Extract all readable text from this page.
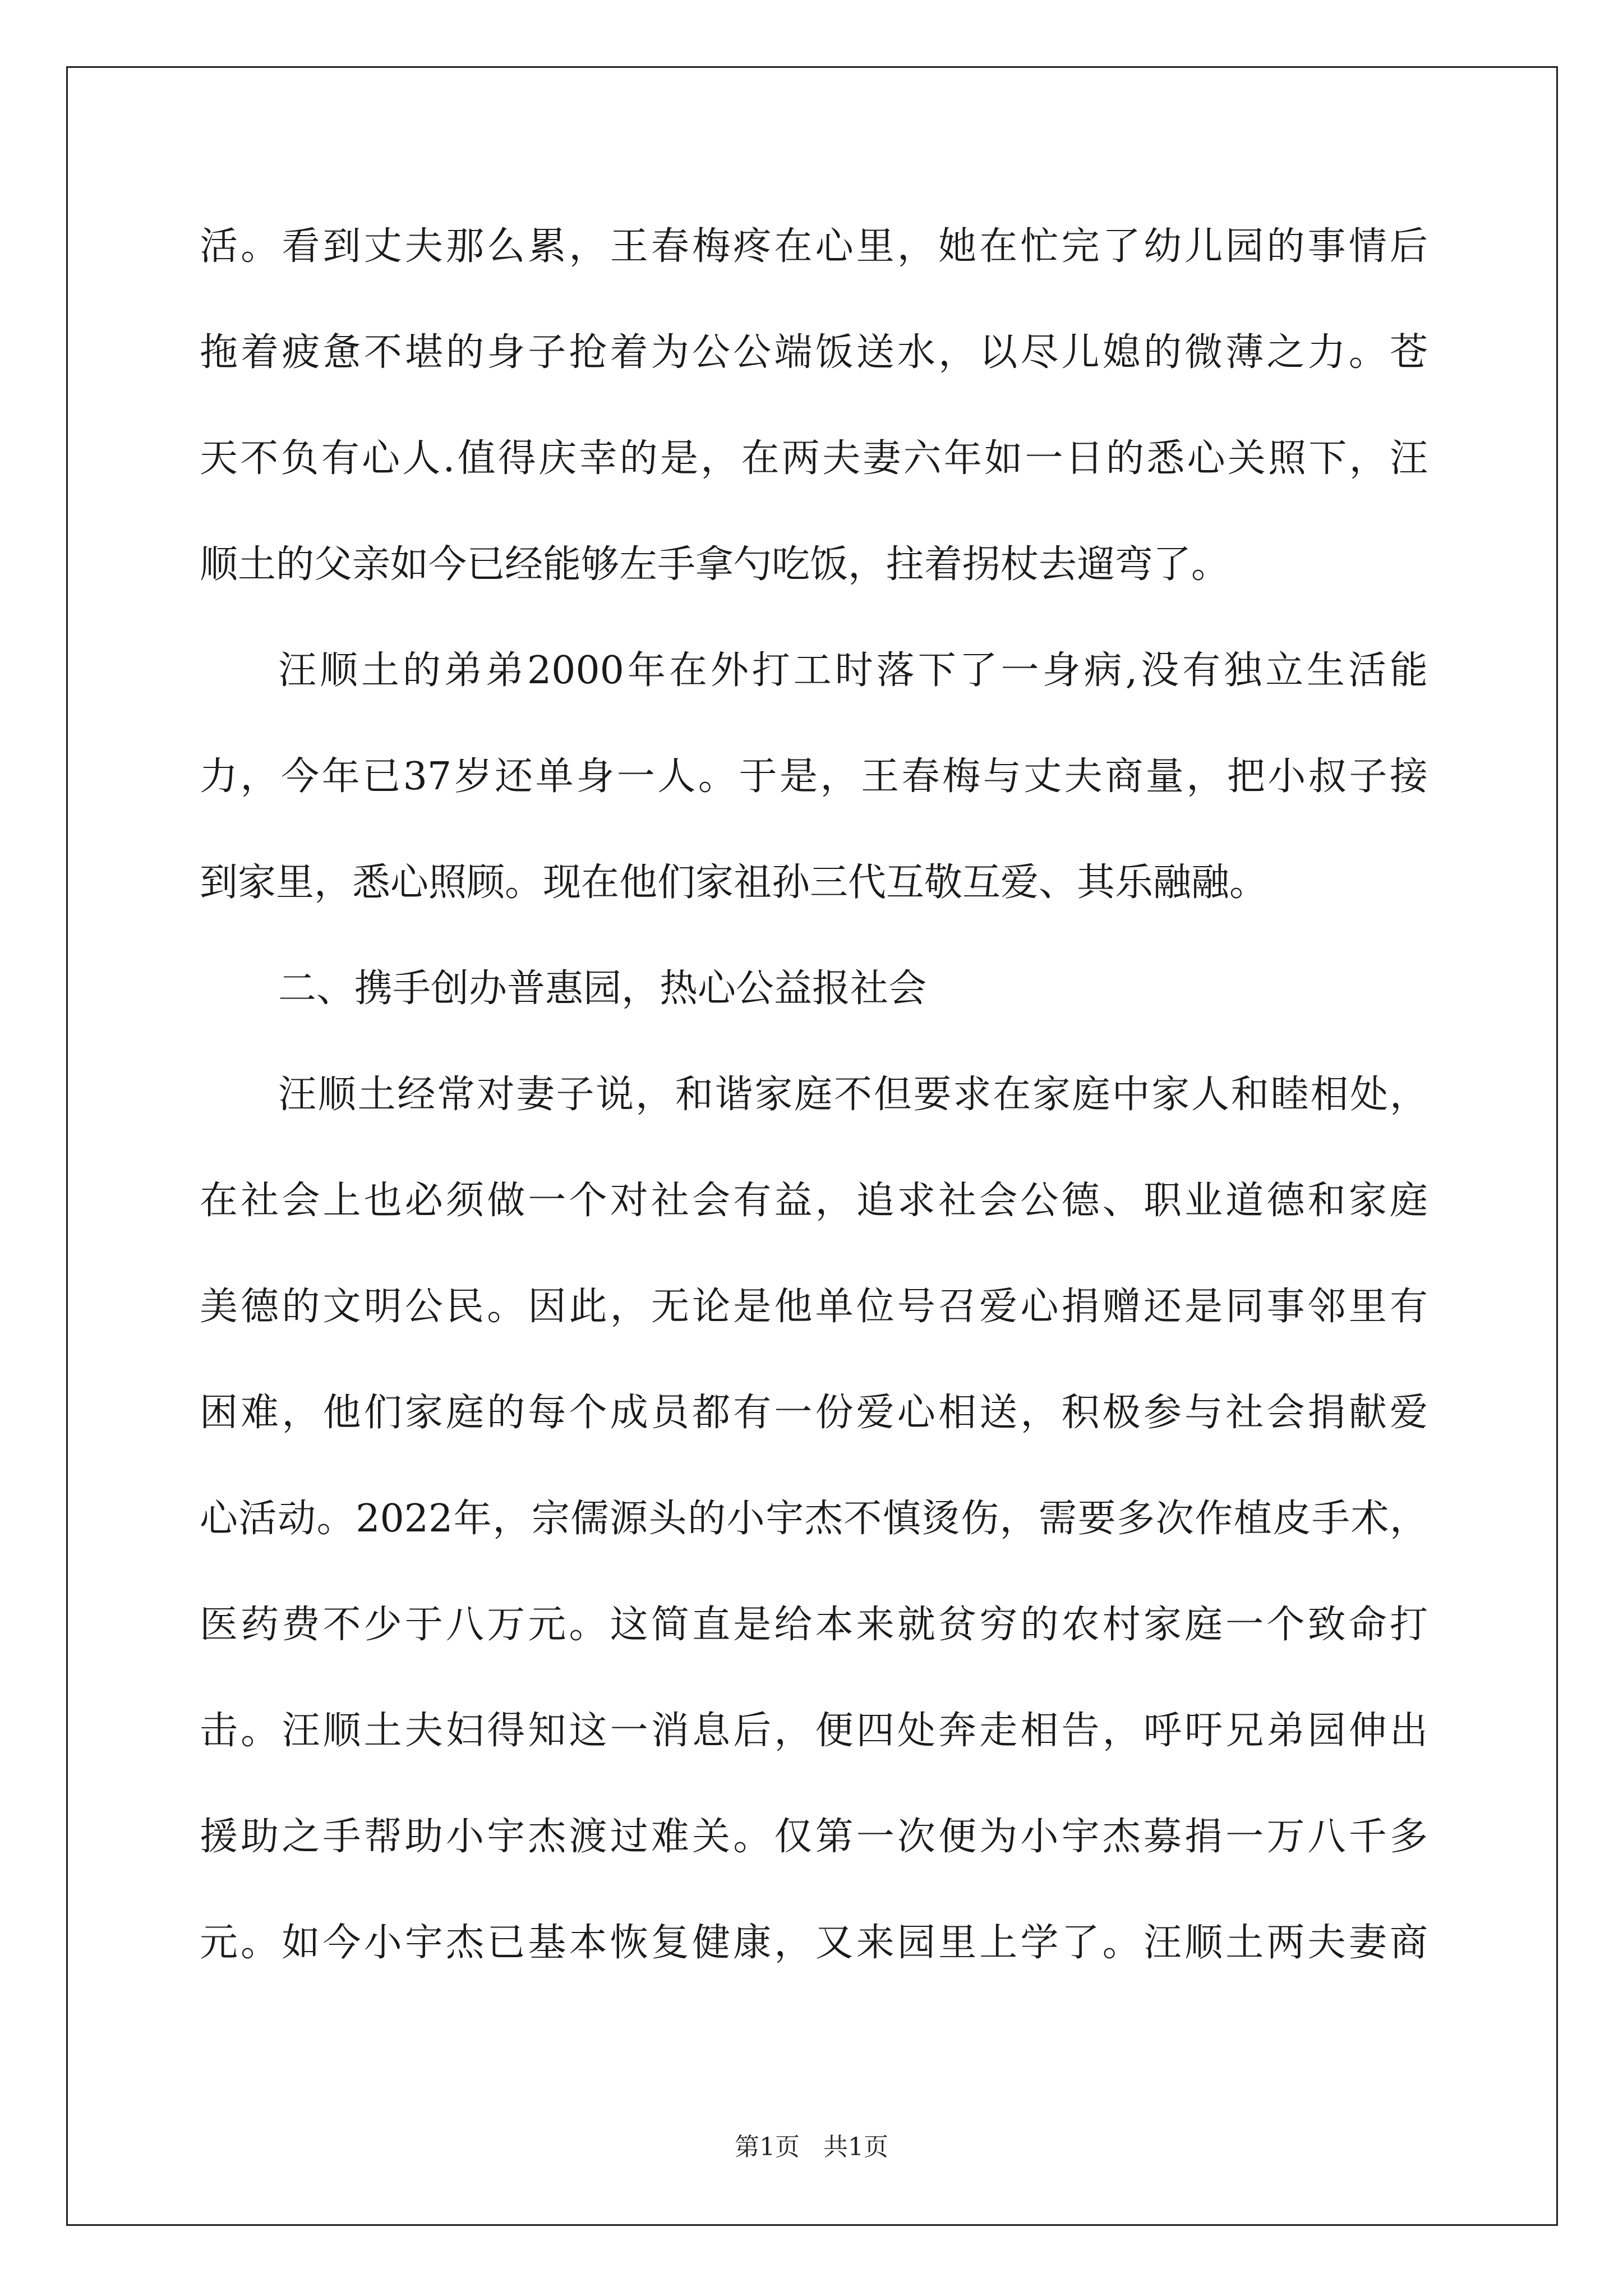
活。看到丈夫那么累，王春梅疼在心里，她在忙完了幼儿园的事情后
拖着疲惫不堪的身子抢着为公公端饭送水，以尽儿媳的微薄之力。苍
天不负有心人.值得庆幸的是，在两夫妻六年如一日的悉心关照下，汪
顺土的父亲如今已经能够左手拿勺吃饭，拄着拐杖去遛弯了。
汪顺土的弟弟2000年在外打工时落下了一身病,没有独立生活能
力，今年已37岁还单身一人。于是，王春梅与丈夫商量，把小叔子接
到家里，悉心照顾。现在他们家祖孙三代互敬互爱、其乐融融。
二、携手创办普惠园，热心公益报社会
汪顺土经常对妻子说，和谐家庭不但要求在家庭中家人和睦相处，
在社会上也必须做一个对社会有益，追求社会公德、职业道德和家庭
美德的文明公民。因此，无论是他单位号召爱心捐赠还是同事邻里有
困难，他们家庭的每个成员都有一份爱心相送，积极参与社会捐献爱
心活动。2022年，宗儒源头的小宇杰不慎烫伤，需要多次作植皮手术，
医药费不少于八万元。这简直是给本来就贫穷的农村家庭一个致命打
击。汪顺土夫妇得知这一消息后，便四处奔走相告，呼吁兄弟园伸出
援助之手帮助小宇杰渡过难关。仅第一次便为小宇杰募捐一万八千多
元。如今小宇杰已基本恢复健康，又来园里上学了。汪顺土两夫妻商
第1页 共1页
